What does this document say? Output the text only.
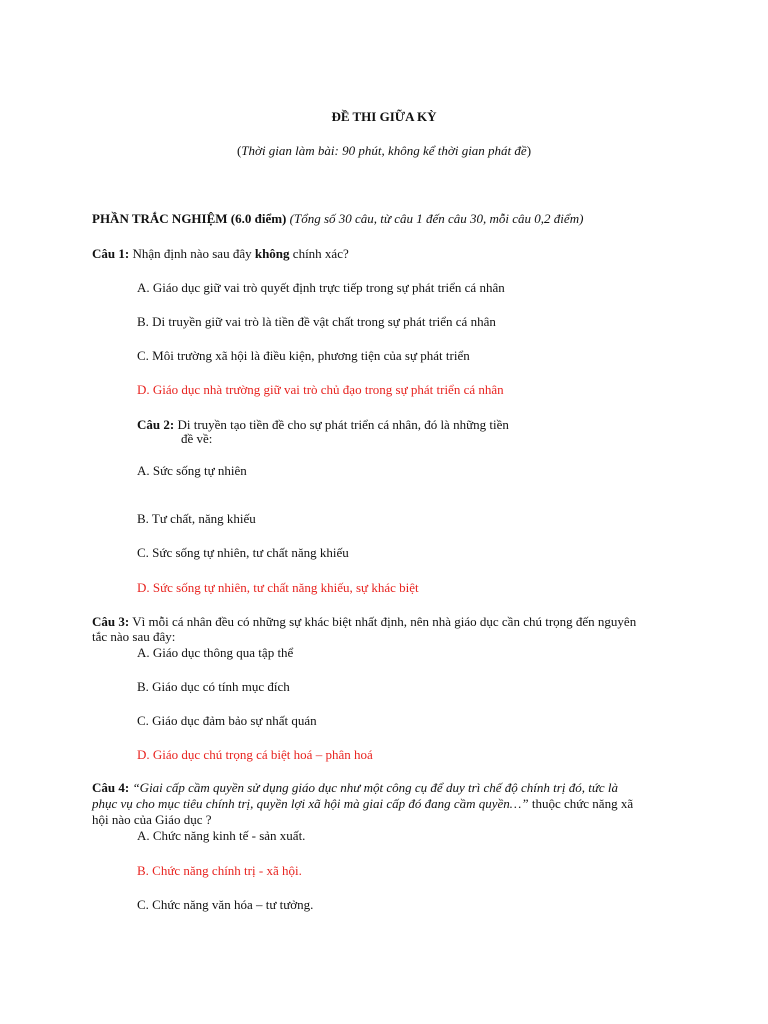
ĐỀ THI GIỮA KỲ
(Thời gian làm bài: 90 phút, không kể thời gian phát đề)
PHẦN TRẮC NGHIỆM (6.0 điểm) (Tổng số 30 câu, từ câu 1 đến câu 30, mỗi câu 0,2 điểm)
Câu 1: Nhận định nào sau đây không chính xác?
A. Giáo dục giữ vai trò quyết định trực tiếp trong sự phát triển cá nhân
B. Di truyền giữ vai trò là tiền đề vật chất trong sự phát triển cá nhân
C. Môi trường xã hội là điều kiện, phương tiện của sự phát triển
D. Giáo dục nhà trường giữ vai trò chủ đạo trong sự phát triển cá nhân
Câu 2: Di truyền tạo tiền đề cho sự phát triển cá nhân, đó là những tiền
đề về:
A. Sức sống tự nhiên
B. Tư chất, năng khiếu
C. Sức sống tự nhiên, tư chất năng khiếu
D. Sức sống tự nhiên, tư chất năng khiếu, sự khác biệt
Câu 3: Vì mỗi cá nhân đều có những sự khác biệt nhất định, nên nhà giáo dục cần chú trọng đến nguyên
tắc nào sau đây:
A. Giáo dục thông qua tập thể
B. Giáo dục có tính mục đích
C. Giáo dục đảm bảo sự nhất quán
D. Giáo dục chú trọng cá biệt hoá – phân hoá
Câu 4: “Giai cấp cầm quyền sử dụng giáo dục như một công cụ để duy trì chế độ chính trị đó, tức là
phục vụ cho mục tiêu chính trị, quyền lợi xã hội mà giai cấp đó đang cầm quyền…” thuộc chức năng xã
hội nào của Giáo dục ?
A. Chức năng kinh tế - sản xuất.
B. Chức năng chính trị - xã hội.
C. Chức năng văn hóa – tư tưởng.
